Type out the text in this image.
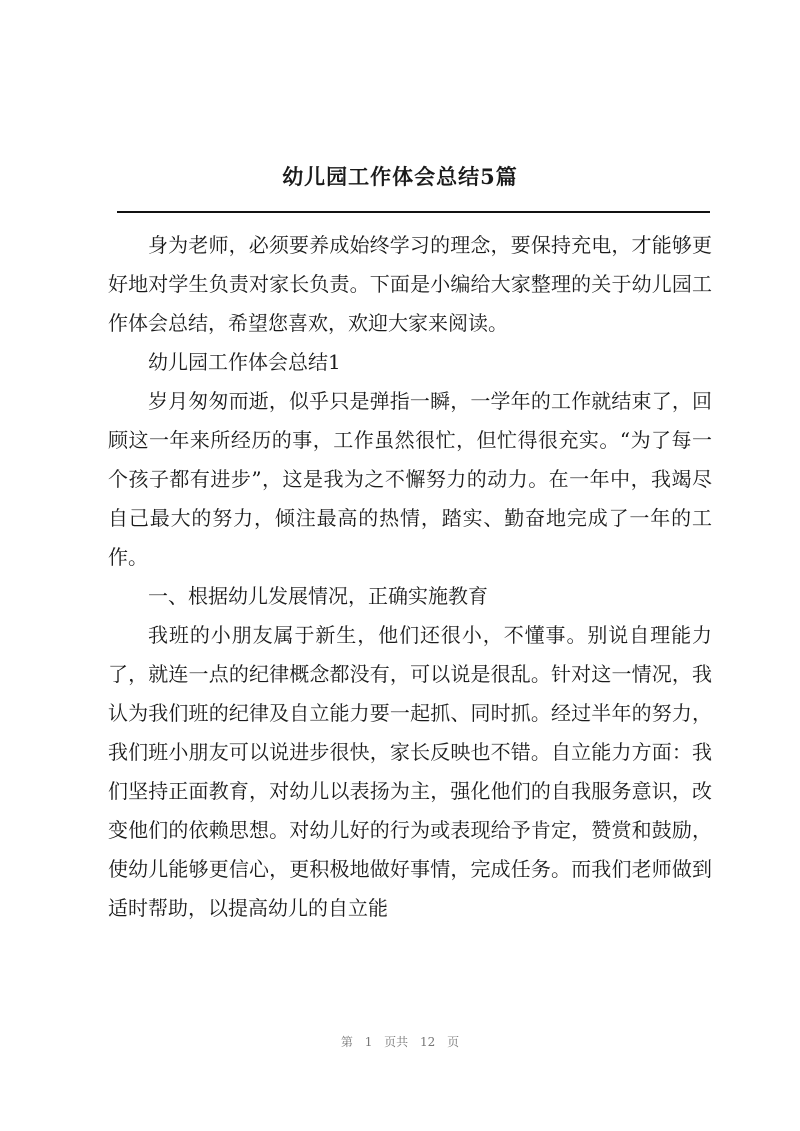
幼儿园工作体会总结5篇

身为老师，必须要养成始终学习的理念，要保持充电，才能够更好地对学生负责对家长负责。下面是小编给大家整理的关于幼儿园工作体会总结，希望您喜欢，欢迎大家来阅读。

幼儿园工作体会总结1

岁月匆匆而逝，似乎只是弹指一瞬，一学年的工作就结束了，回顾这一年来所经历的事，工作虽然很忙，但忙得很充实。“为了每一个孩子都有进步”，这是我为之不懈努力的动力。在一年中，我竭尽自己最大的努力，倾注最高的热情，踏实、勤奋地完成了一年的工作。

一、根据幼儿发展情况，正确实施教育

我班的小朋友属于新生，他们还很小，不懂事。别说自理能力了，就连一点的纪律概念都没有，可以说是很乱。针对这一情况，我认为我们班的纪律及自立能力要一起抓、同时抓。经过半年的努力，我们班小朋友可以说进步很快，家长反映也不错。自立能力方面：我们坚持正面教育，对幼儿以表扬为主，强化他们的自我服务意识，改变他们的依赖思想。对幼儿好的行为或表现给予肯定，赞赏和鼓励，使幼儿能够更信心，更积极地做好事情，完成任务。而我们老师做到适时帮助，以提高幼儿的自立能

第 1 页共 12 页
